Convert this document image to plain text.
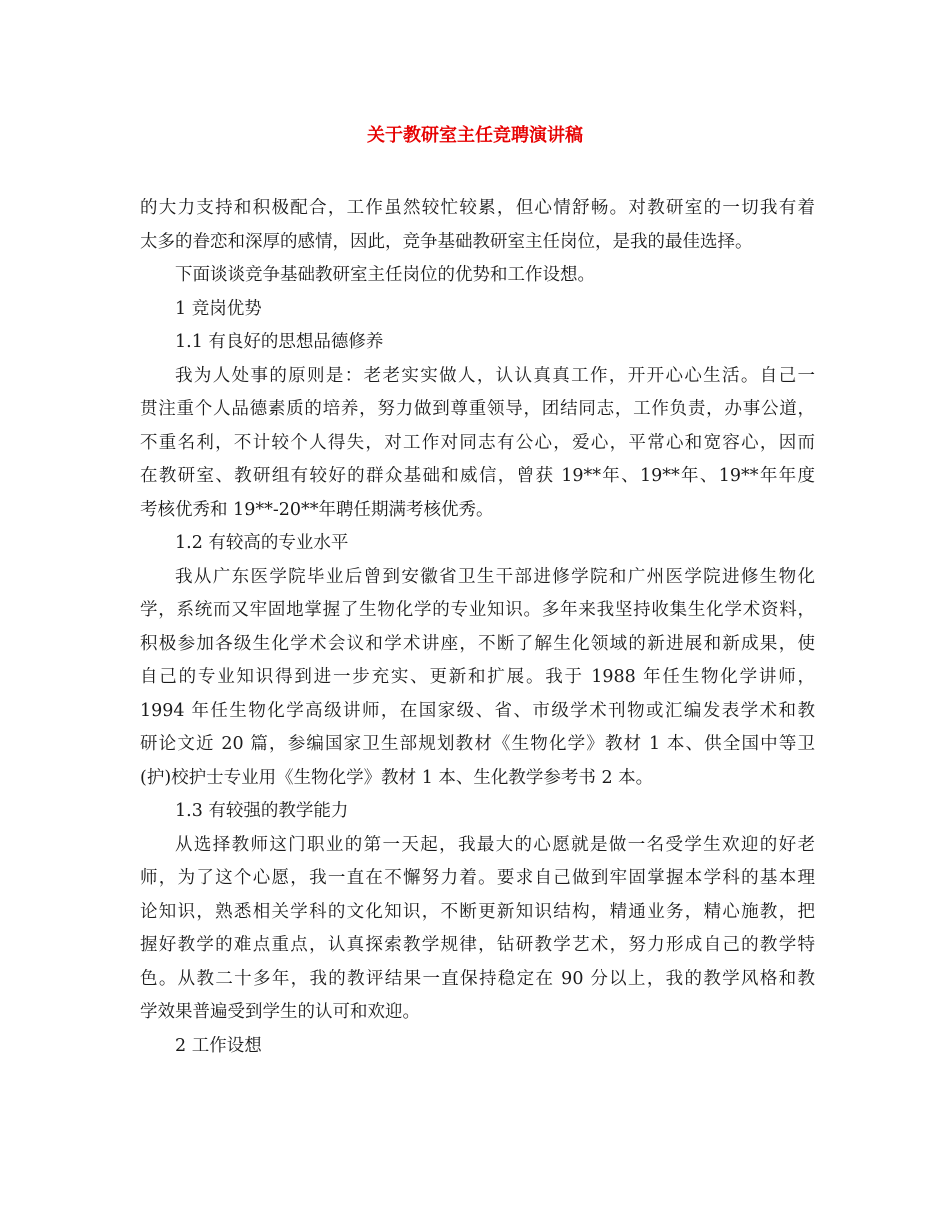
关于教研室主任竞聘演讲稿
的大力支持和积极配合，工作虽然较忙较累，但心情舒畅。对教研室的一切我有着
太多的眷恋和深厚的感情，因此，竞争基础教研室主任岗位，是我的最佳选择。
下面谈谈竞争基础教研室主任岗位的优势和工作设想。
1 竞岗优势
1.1 有良好的思想品德修养
我为人处事的原则是：老老实实做人，认认真真工作，开开心心生活。自己一
贯注重个人品德素质的培养，努力做到尊重领导，团结同志，工作负责，办事公道，
不重名利，不计较个人得失，对工作对同志有公心，爱心，平常心和宽容心，因而
在教研室、教研组有较好的群众基础和威信，曾获 19**年、19**年、19**年年度
考核优秀和 19**-20**年聘任期满考核优秀。
1.2 有较高的专业水平
我从广东医学院毕业后曾到安徽省卫生干部进修学院和广州医学院进修生物化
学，系统而又牢固地掌握了生物化学的专业知识。多年来我坚持收集生化学术资料，
积极参加各级生化学术会议和学术讲座，不断了解生化领域的新进展和新成果，使
自己的专业知识得到进一步充实、更新和扩展。我于 1988 年任生物化学讲师，
1994 年任生物化学高级讲师，在国家级、省、市级学术刊物或汇编发表学术和教
研论文近 20 篇，参编国家卫生部规划教材《生物化学》教材 1 本、供全国中等卫
(护)校护士专业用《生物化学》教材 1 本、生化教学参考书 2 本。
1.3 有较强的教学能力
从选择教师这门职业的第一天起，我最大的心愿就是做一名受学生欢迎的好老
师，为了这个心愿，我一直在不懈努力着。要求自己做到牢固掌握本学科的基本理
论知识，熟悉相关学科的文化知识，不断更新知识结构，精通业务，精心施教，把
握好教学的难点重点，认真探索教学规律，钻研教学艺术，努力形成自己的教学特
色。从教二十多年，我的教评结果一直保持稳定在 90 分以上，我的教学风格和教
学效果普遍受到学生的认可和欢迎。
2 工作设想
